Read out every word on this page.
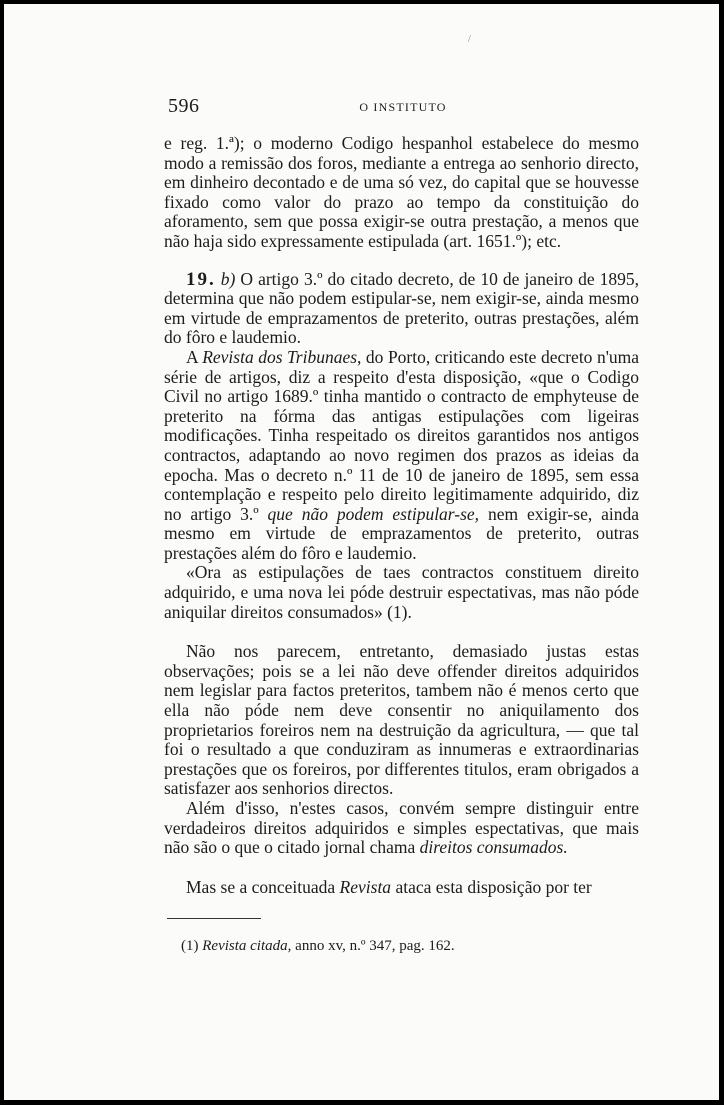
/
596	O INSTITUTO

e reg. 1.ª); o moderno Codigo hespanhol estabelece do mesmo modo a remissão dos foros, mediante a entrega ao senhorio directo, em dinheiro decontado e de uma só vez, do capital que se houvesse fixado como valor do prazo ao tempo da constituição do aforamento, sem que possa exigir-se outra prestação, a menos que não haja sido expressamente estipulada (art. 1651.º); etc.

19. b) O artigo 3.º do citado decreto, de 10 de janeiro de 1895, determina que não podem estipular-se, nem exigir-se, ainda mesmo em virtude de emprazamentos de preterito, outras prestações, além do fôro e laudemio.

A Revista dos Tribunaes, do Porto, criticando este decreto n'uma série de artigos, diz a respeito d'esta disposição, «que o Codigo Civil no artigo 1689.º tinha mantido o contracto de emphyteuse de preterito na fórma das antigas estipulações com ligeiras modificações. Tinha respeitado os direitos garantidos nos antigos contractos, adaptando ao novo regimen dos prazos as ideias da epocha. Mas o decreto n.º 11 de 10 de janeiro de 1895, sem essa contemplação e respeito pelo direito legitimamente adquirido, diz no artigo 3.º que não podem estipular-se, nem exigir-se, ainda mesmo em virtude de emprazamentos de preterito, outras prestações além do fôro e laudemio.

«Ora as estipulações de taes contractos constituem direito adquirido, e uma nova lei póde destruir espectativas, mas não póde aniquilar direitos consumados» (1).

Não nos parecem, entretanto, demasiado justas estas observações; pois se a lei não deve offender direitos adquiridos nem legislar para factos preteritos, tambem não é menos certo que ella não póde nem deve consentir no aniquilamento dos proprietarios foreiros nem na destruição da agricultura, — que tal foi o resultado a que conduziram as innumeras e extraordinarias prestações que os foreiros, por differentes titulos, eram obrigados a satisfazer aos senhorios directos.

Além d'isso, n'estes casos, convém sempre distinguir entre verdadeiros direitos adquiridos e simples espectativas, que mais não são o que o citado jornal chama direitos consumados.

Mas se a conceituada Revista ataca esta disposição por ter

(1) Revista citada, anno xv, n.º 347, pag. 162.
